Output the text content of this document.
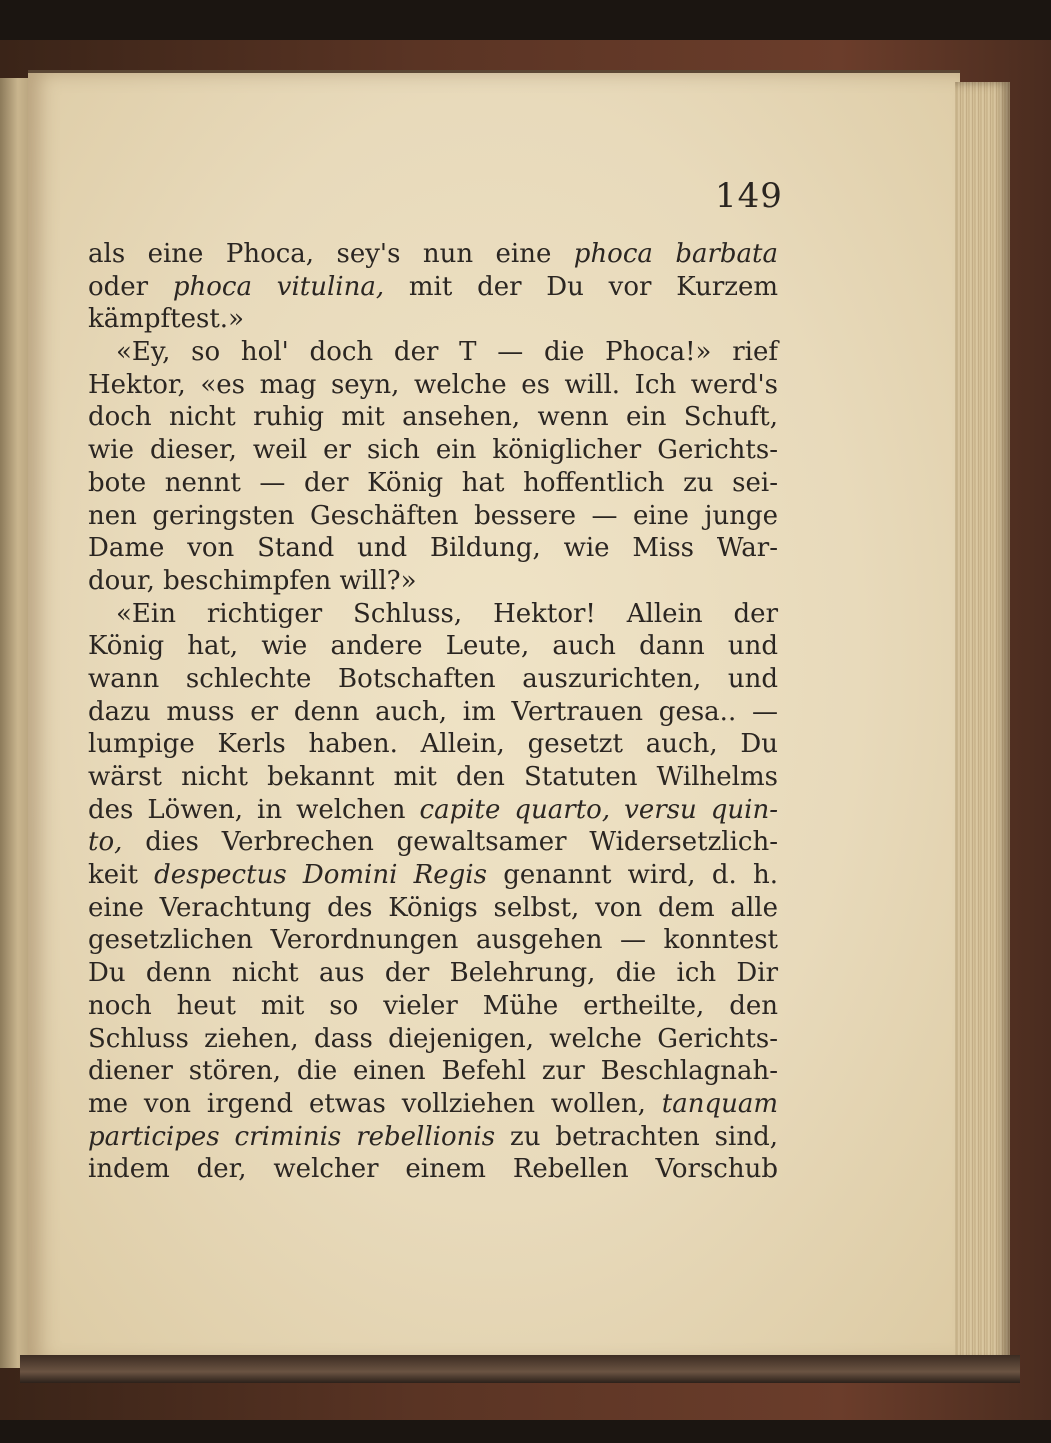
149
als eine Phoca, sey's nun eine phoca barbata
oder phoca vitulina, mit der Du vor Kurzem
kämpftest.»
«Ey, so hol' doch der T — die Phoca!» rief
Hektor, «es mag seyn, welche es will. Ich werd's
doch nicht ruhig mit ansehen, wenn ein Schuft,
wie dieser, weil er sich ein königlicher Gerichts-
bote nennt — der König hat hoffentlich zu sei-
nen geringsten Geschäften bessere — eine junge
Dame von Stand und Bildung, wie Miss War-
dour, beschimpfen will?»
«Ein richtiger Schluss, Hektor! Allein der
König hat, wie andere Leute, auch dann und
wann schlechte Botschaften auszurichten, und
dazu muss er denn auch, im Vertrauen gesa.. —
lumpige Kerls haben. Allein, gesetzt auch, Du
wärst nicht bekannt mit den Statuten Wilhelms
des Löwen, in welchen capite quarto, versu quin-
to, dies Verbrechen gewaltsamer Widersetzlich-
keit despectus Domini Regis genannt wird, d. h.
eine Verachtung des Königs selbst, von dem alle
gesetzlichen Verordnungen ausgehen — konntest
Du denn nicht aus der Belehrung, die ich Dir
noch heut mit so vieler Mühe ertheilte, den
Schluss ziehen, dass diejenigen, welche Gerichts-
diener stören, die einen Befehl zur Beschlagnah-
me von irgend etwas vollziehen wollen, tanquam
participes criminis rebellionis zu betrachten sind,
indem der, welcher einem Rebellen Vorschub
